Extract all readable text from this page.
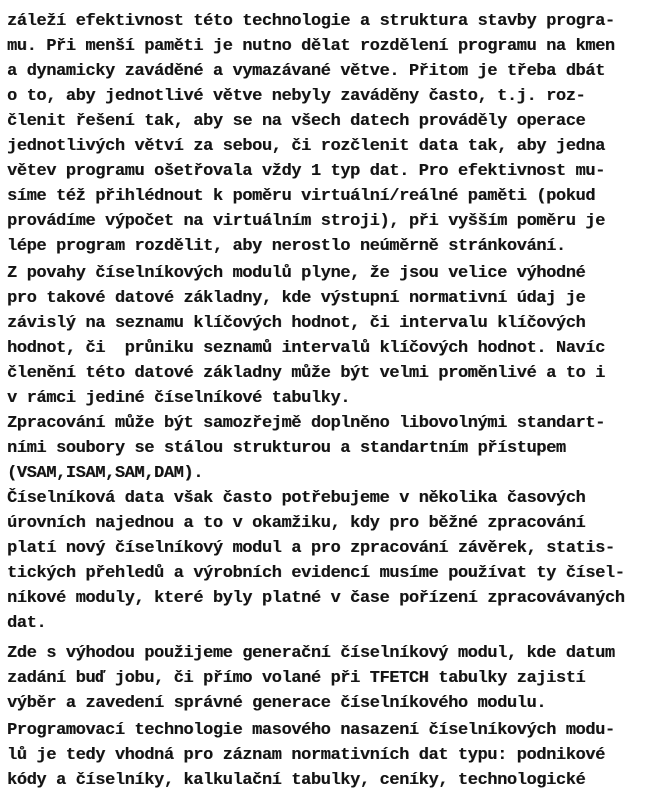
záleží efektivnost této technologie a struktura stavby progra-
mu. Při menší paměti je nutno dělat rozdělení programu na kmen
a dynamicky zaváděné a vymazávané větve. Přitom je třeba dbát
o to, aby jednotlivé větve nebyly zaváděny často, t.j. roz-
členit řešení tak, aby se na všech datech prováděly operace
jednotlivých větví za sebou, či rozčlenit data tak, aby jedna
větev programu ošetřovala vždy 1 typ dat. Pro efektivnost mu-
síme též přihlédnout k poměru virtuální/reálné paměti (pokud
provádíme výpočet na virtuálním stroji), při vyšším poměru je
lépe program rozdělit, aby nerostlo neúměrně stránkování.
Z povahy číselníkových modulů plyne, že jsou velice výhodné
pro takové datové základny, kde výstupní normativní údaj je
závislý na seznamu klíčových hodnot, či intervalu klíčových
hodnot, či  průniku seznamů intervalů klíčových hodnot. Navíc
členění této datové základny může být velmi proměnlivé a to i
v rámci jediné číselníkové tabulky.
Zpracování může být samozřejmě doplněno libovolnými standart-
ními soubory se stálou strukturou a standartním přístupem
(VSAM,ISAM,SAM,DAM).
Číselníková data však často potřebujeme v několika časových
úrovních najednou a to v okamžiku, kdy pro běžné zpracování
platí nový číselníkový modul a pro zpracování závěrek, statis-
tických přehledů a výrobních evidencí musíme používat ty čísel-
níkové moduly, které byly platné v čase pořízení zpracovávaných
dat.
Zde s výhodou použijeme generační číselníkový modul, kde datum
zadání buď jobu, či přímo volané při TFETCH tabulky zajistí
výběr a zavedení správné generace číselníkového modulu.
Programovací technologie masového nasazení číselníkových modu-
lů je tedy vhodná pro záznam normativních dat typu: podnikové
kódy a číselníky, kalkulační tabulky, ceníky, technologické
